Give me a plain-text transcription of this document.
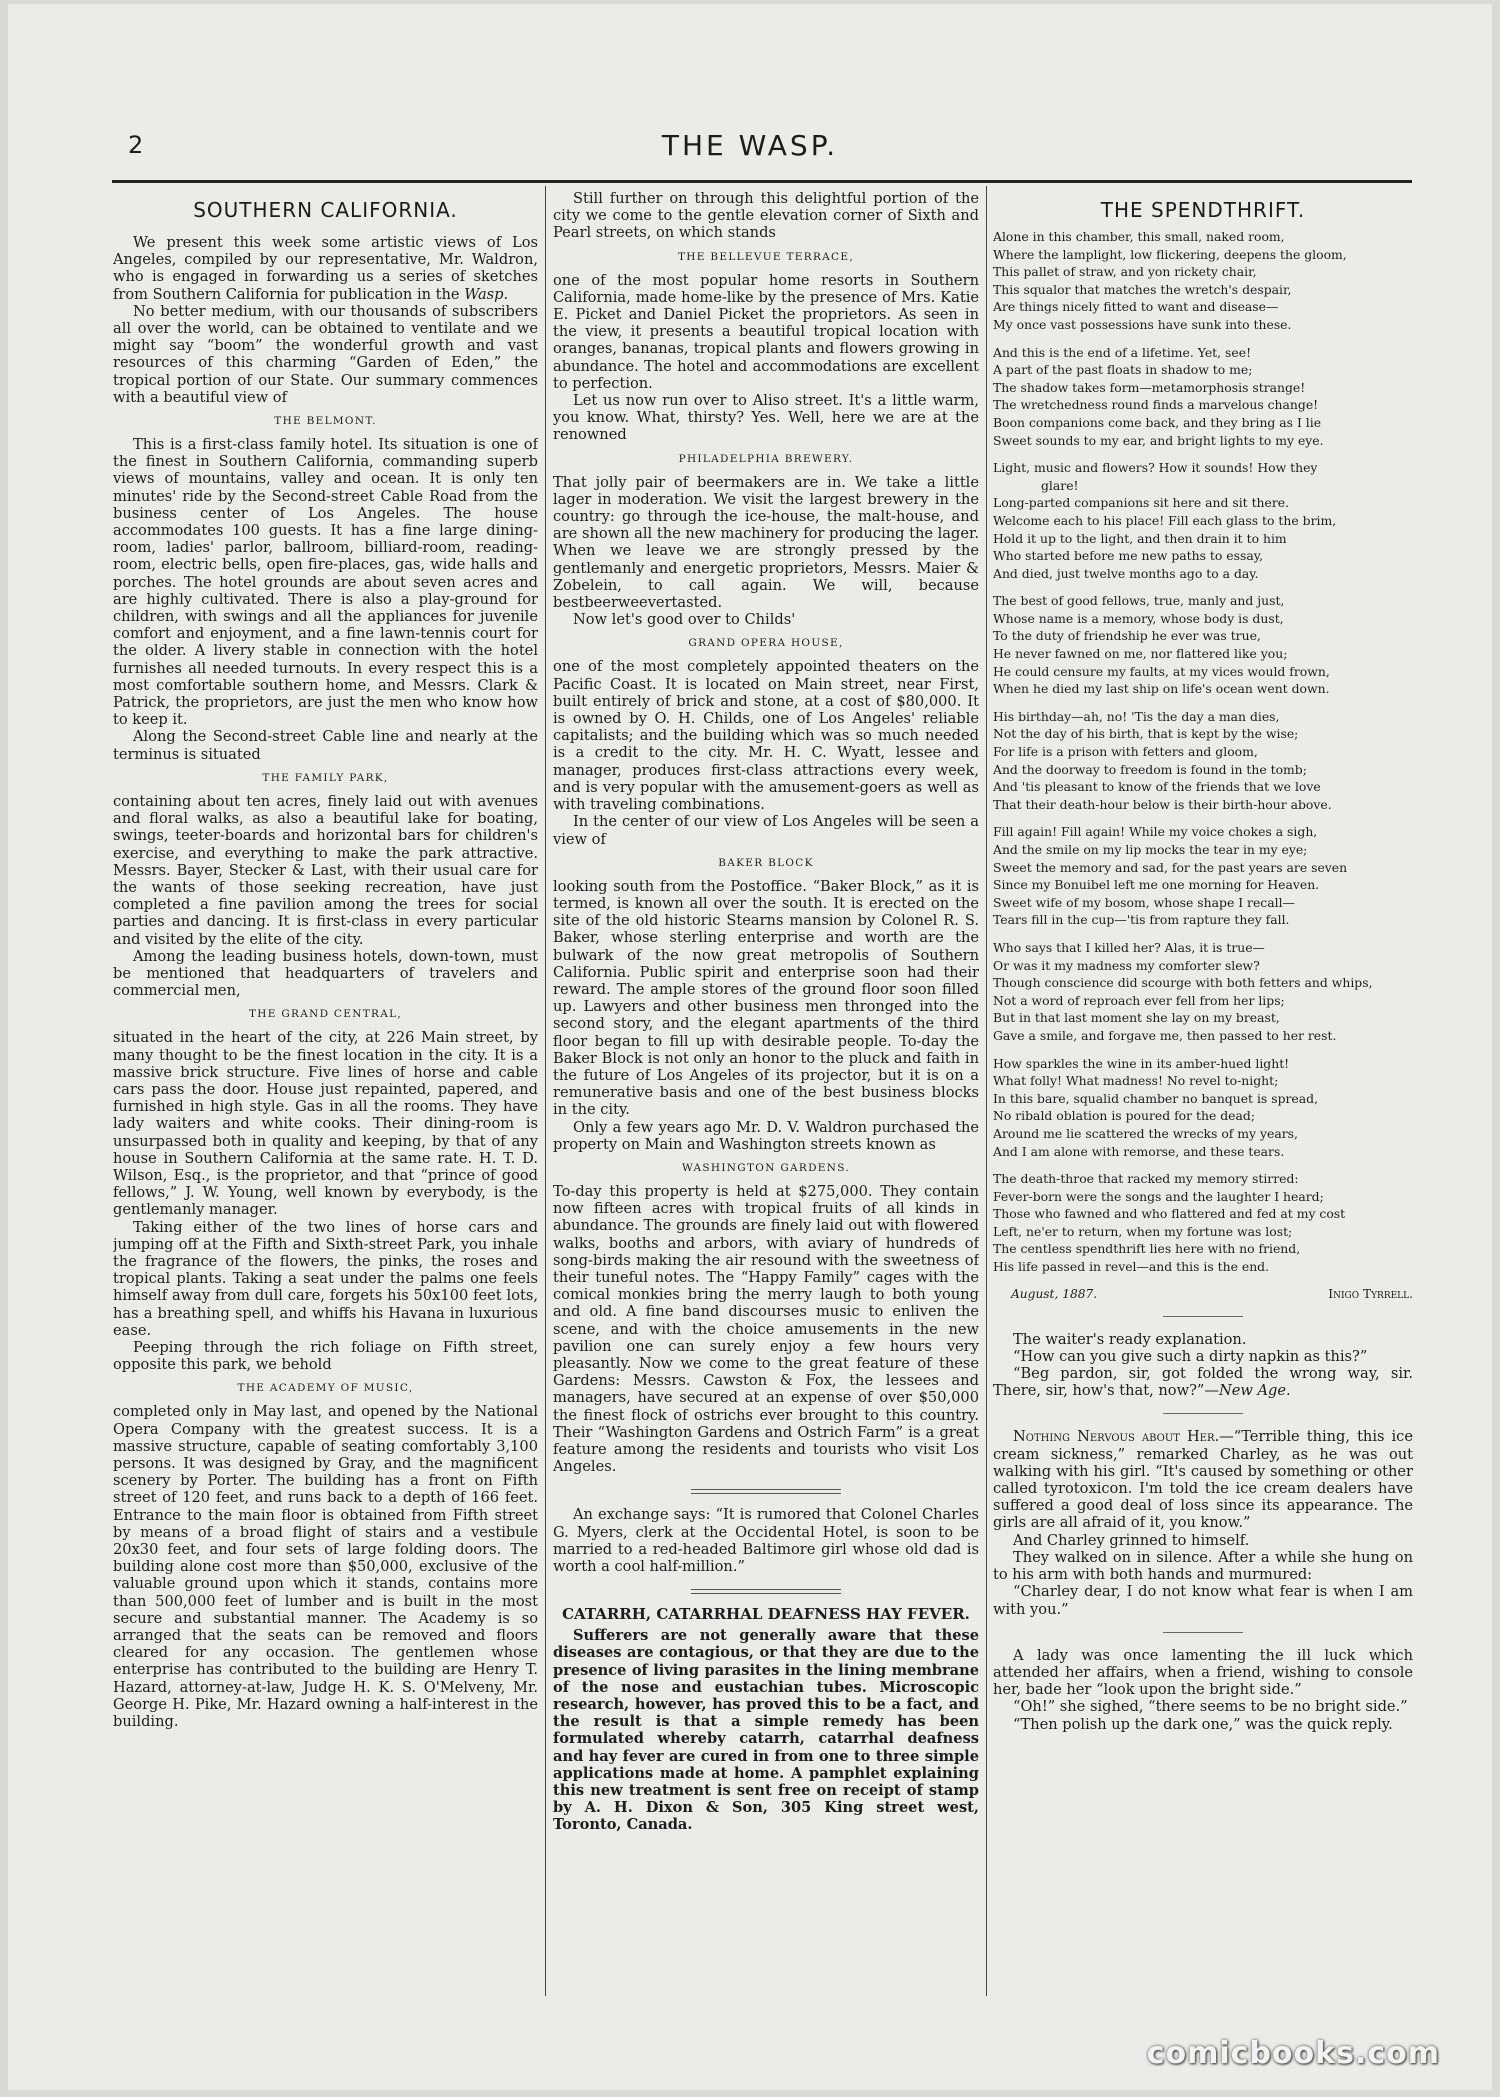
2	THE WASP.
SOUTHERN CALIFORNIA.

We present this week some artistic views of Los Angeles, compiled by our representative, Mr. Waldron, who is engaged in forwarding us a series of sketches from Southern California for publication in the Wasp.

No better medium, with our thousands of subscribers all over the world, can be obtained to ventilate and we might say “boom” the wonderful growth and vast resources of this charming “Garden of Eden,” the tropical portion of our State. Our summary commences with a beautiful view of

THE BELMONT.

This is a first-class family hotel. Its situation is one of the finest in Southern California, commanding superb views of mountains, valley and ocean. It is only ten minutes' ride by the Second-street Cable Road from the business center of Los Angeles. The house accommodates 100 guests. It has a fine large dining-room, ladies' parlor, ballroom, billiard-room, reading-room, electric bells, open fire-places, gas, wide halls and porches. The hotel grounds are about seven acres and are highly cultivated. There is also a play-ground for children, with swings and all the appliances for juvenile comfort and enjoyment, and a fine lawn-tennis court for the older. A livery stable in connection with the hotel furnishes all needed turnouts. In every respect this is a most comfortable southern home, and Messrs. Clark & Patrick, the proprietors, are just the men who know how to keep it.

Along the Second-street Cable line and nearly at the terminus is situated

THE FAMILY PARK,

containing about ten acres, finely laid out with avenues and floral walks, as also a beautiful lake for boating, swings, teeter-boards and horizontal bars for children's exercise, and everything to make the park attractive. Messrs. Bayer, Stecker & Last, with their usual care for the wants of those seeking recreation, have just completed a fine pavilion among the trees for social parties and dancing. It is first-class in every particular and visited by the elite of the city.

Among the leading business hotels, down-town, must be mentioned that headquarters of travelers and commercial men,

THE GRAND CENTRAL,

situated in the heart of the city, at 226 Main street, by many thought to be the finest location in the city. It is a massive brick structure. Five lines of horse and cable cars pass the door. House just repainted, papered, and furnished in high style. Gas in all the rooms. They have lady waiters and white cooks. Their dining-room is unsurpassed both in quality and keeping, by that of any house in Southern California at the same rate. H. T. D. Wilson, Esq., is the proprietor, and that “prince of good fellows,” J. W. Young, well known by everybody, is the gentlemanly manager.

Taking either of the two lines of horse cars and jumping off at the Fifth and Sixth-street Park, you inhale the fragrance of the flowers, the pinks, the roses and tropical plants. Taking a seat under the palms one feels himself away from dull care, forgets his 50x100 feet lots, has a breathing spell, and whiffs his Havana in luxurious ease.

Peeping through the rich foliage on Fifth street, opposite this park, we behold

THE ACADEMY OF MUSIC,

completed only in May last, and opened by the National Opera Company with the greatest success. It is a massive structure, capable of seating comfortably 3,100 persons. It was designed by Gray, and the magnificent scenery by Porter. The building has a front on Fifth street of 120 feet, and runs back to a depth of 166 feet. Entrance to the main floor is obtained from Fifth street by means of a broad flight of stairs and a vestibule 20x30 feet, and four sets of large folding doors. The building alone cost more than $50,000, exclusive of the valuable ground upon which it stands, contains more than 500,000 feet of lumber and is built in the most secure and substantial manner. The Academy is so arranged that the seats can be removed and floors cleared for any occasion. The gentlemen whose enterprise has contributed to the building are Henry T. Hazard, attorney-at-law, Judge H. K. S. O'Melveny, Mr. George H. Pike, Mr. Hazard owning a half-interest in the building.

Still further on through this delightful portion of the city we come to the gentle elevation corner of Sixth and Pearl streets, on which stands

THE BELLEVUE TERRACE,

one of the most popular home resorts in Southern California, made home-like by the presence of Mrs. Katie E. Picket and Daniel Picket the proprietors. As seen in the view, it presents a beautiful tropical location with oranges, bananas, tropical plants and flowers growing in abundance. The hotel and accommodations are excellent to perfection.

Let us now run over to Aliso street. It's a little warm, you know. What, thirsty? Yes. Well, here we are at the renowned

PHILADELPHIA BREWERY.

That jolly pair of beermakers are in. We take a little lager in moderation. We visit the largest brewery in the country: go through the ice-house, the malt-house, and are shown all the new machinery for producing the lager. When we leave we are strongly pressed by the gentlemanly and energetic proprietors, Messrs. Maier & Zobelein, to call again. We will, because bestbeerweevertasted.

Now let's good over to Childs'

GRAND OPERA HOUSE,

one of the most completely appointed theaters on the Pacific Coast. It is located on Main street, near First, built entirely of brick and stone, at a cost of $80,000. It is owned by O. H. Childs, one of Los Angeles' reliable capitalists; and the building which was so much needed is a credit to the city. Mr. H. C. Wyatt, lessee and manager, produces first-class attractions every week, and is very popular with the amusement-goers as well as with traveling combinations.

In the center of our view of Los Angeles will be seen a view of

BAKER BLOCK

looking south from the Postoffice. “Baker Block,” as it is termed, is known all over the south. It is erected on the site of the old historic Stearns mansion by Colonel R. S. Baker, whose sterling enterprise and worth are the bulwark of the now great metropolis of Southern California. Public spirit and enterprise soon had their reward. The ample stores of the ground floor soon filled up. Lawyers and other business men thronged into the second story, and the elegant apartments of the third floor began to fill up with desirable people. To-day the Baker Block is not only an honor to the pluck and faith in the future of Los Angeles of its projector, but it is on a remunerative basis and one of the best business blocks in the city.

Only a few years ago Mr. D. V. Waldron purchased the property on Main and Washington streets known as

WASHINGTON GARDENS.

To-day this property is held at $275,000. They contain now fifteen acres with tropical fruits of all kinds in abundance. The grounds are finely laid out with flowered walks, booths and arbors, with aviary of hundreds of song-birds making the air resound with the sweetness of their tuneful notes. The “Happy Family” cages with the comical monkies bring the merry laugh to both young and old. A fine band discourses music to enliven the scene, and with the choice amusements in the new pavilion one can surely enjoy a few hours very pleasantly. Now we come to the great feature of these Gardens: Messrs. Cawston & Fox, the lessees and managers, have secured at an expense of over $50,000 the finest flock of ostrichs ever brought to this country. Their “Washington Gardens and Ostrich Farm” is a great feature among the residents and tourists who visit Los Angeles.

An exchange says: “It is rumored that Colonel Charles G. Myers, clerk at the Occidental Hotel, is soon to be married to a red-headed Baltimore girl whose old dad is worth a cool half-million.”

CATARRH, CATARRHAL DEAFNESS HAY FEVER.

Sufferers are not generally aware that these diseases are contagious, or that they are due to the presence of living parasites in the lining membrane of the nose and eustachian tubes. Microscopic research, however, has proved this to be a fact, and the result is that a simple remedy has been formulated whereby catarrh, catarrhal deafness and hay fever are cured in from one to three simple applications made at home. A pamphlet explaining this new treatment is sent free on receipt of stamp by A. H. Dixon & Son, 305 King street west, Toronto, Canada.

THE SPENDTHRIFT.
Alone in this chamber, this small, naked room,
Where the lamplight, low flickering, deepens the gloom,
This pallet of straw, and yon rickety chair,
This squalor that matches the wretch's despair,
Are things nicely fitted to want and disease—
My once vast possessions have sunk into these.
And this is the end of a lifetime. Yet, see!
A part of the past floats in shadow to me;
The shadow takes form—metamorphosis strange!
The wretchedness round finds a marvelous change!
Boon companions come back, and they bring as I lie
Sweet sounds to my ear, and bright lights to my eye.
Light, music and flowers? How it sounds! How they
glare!
Long-parted companions sit here and sit there.
Welcome each to his place! Fill each glass to the brim,
Hold it up to the light, and then drain it to him
Who started before me new paths to essay,
And died, just twelve months ago to a day.
The best of good fellows, true, manly and just,
Whose name is a memory, whose body is dust,
To the duty of friendship he ever was true,
He never fawned on me, nor flattered like you;
He could censure my faults, at my vices would frown,
When he died my last ship on life's ocean went down.
His birthday—ah, no! 'Tis the day a man dies,
Not the day of his birth, that is kept by the wise;
For life is a prison with fetters and gloom,
And the doorway to freedom is found in the tomb;
And 'tis pleasant to know of the friends that we love
That their death-hour below is their birth-hour above.
Fill again! Fill again! While my voice chokes a sigh,
And the smile on my lip mocks the tear in my eye;
Sweet the memory and sad, for the past years are seven
Since my Bonuibel left me one morning for Heaven.
Sweet wife of my bosom, whose shape I recall—
Tears fill in the cup—'tis from rapture they fall.
Who says that I killed her? Alas, it is true—
Or was it my madness my comforter slew?
Though conscience did scourge with both fetters and whips,
Not a word of reproach ever fell from her lips;
But in that last moment she lay on my breast,
Gave a smile, and forgave me, then passed to her rest.
How sparkles the wine in its amber-hued light!
What folly! What madness! No revel to-night;
In this bare, squalid chamber no banquet is spread,
No ribald oblation is poured for the dead;
Around me lie scattered the wrecks of my years,
And I am alone with remorse, and these tears.
The death-throe that racked my memory stirred:
Fever-born were the songs and the laughter I heard;
Those who fawned and who flattered and fed at my cost
Left, ne'er to return, when my fortune was lost;
The centless spendthrift lies here with no friend,
His life passed in revel—and this is the end.
August, 1887.	Inigo Tyrrell.

The waiter's ready explanation.

“How can you give such a dirty napkin as this?”

“Beg pardon, sir, got folded the wrong way, sir. There, sir, how's that, now?”—New Age.

Nothing Nervous about Her.—“Terrible thing, this ice cream sickness,” remarked Charley, as he was out walking with his girl. “It's caused by something or other called tyrotoxicon. I'm told the ice cream dealers have suffered a good deal of loss since its appearance. The girls are all afraid of it, you know.”

And Charley grinned to himself.

They walked on in silence. After a while she hung on to his arm with both hands and murmured:

“Charley dear, I do not know what fear is when I am with you.”

A lady was once lamenting the ill luck which attended her affairs, when a friend, wishing to console her, bade her “look upon the bright side.”

“Oh!” she sighed, “there seems to be no bright side.”

“Then polish up the dark one,” was the quick reply.

comicbooks.com
